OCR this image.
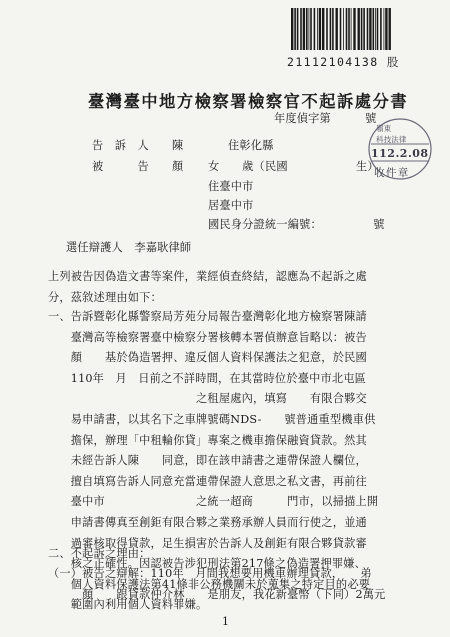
21112104138 股
臺灣臺中地方檢察署檢察官不起訴處分書
年度偵字第　　　號
嶺東
科技法律
112.2.08
收件章
告　訴　人 陳	住彰化縣
被　　　告 顏 女　　歲（民國　　　　　　生）
住臺中市
居臺中市
國民身分證統一編號：　　　　　號
選任辯護人　李嘉耿律師
上列被告因偽造文書等案件，業經偵查終結，認應為不起訴之處
分，茲敘述理由如下：
一、告訴暨彰化縣警察局芳苑分局報告臺灣彰化地方檢察署陳請
　　臺灣高等檢察署臺中檢察分署核轉本署偵辦意旨略以：被告
　　顏　　基於偽造署押、違反個人資料保護法之犯意，於民國
　　110年　月　日前之不詳時間，在其當時位於臺中市北屯區
　　　　　　　　　　　　　之租屋處內，填寫　　有限合夥交
　　易申請書，以其名下之車牌號碼NDS-　　號普通重型機車供
　　擔保，辦理「中租輪你貸」專案之機車擔保融資貸款。然其
　　未經告訴人陳　　同意，即在該申請書之連帶保證人欄位，
　　擅自填寫告訴人同意充當連帶保證人意思之私文書，再前往
　　臺中市　　　　　　　　之統一超商　　　門市，以掃描上開
　　申請書傳真至創鉅有限合夥之業務承辦人員而行使之，並通
　　過審核取得貸款，足生損害於告訴人及創鉅有限合夥貸款審
　　核之正確性。因認被告涉犯刑法第217條之偽造署押罪嫌、
　　個人資料保護法第41條非公務機關未於蒐集之特定目的必要
　　範圍內利用個人資料罪嫌。
二、不起訴之理由：
（一）被告之辯解：110年　月間我想要用機車辦理貸款，　　弟
　　　顏　　跟貸款仲介林　　是朋友，我花新臺幣（下同）2萬元
1
